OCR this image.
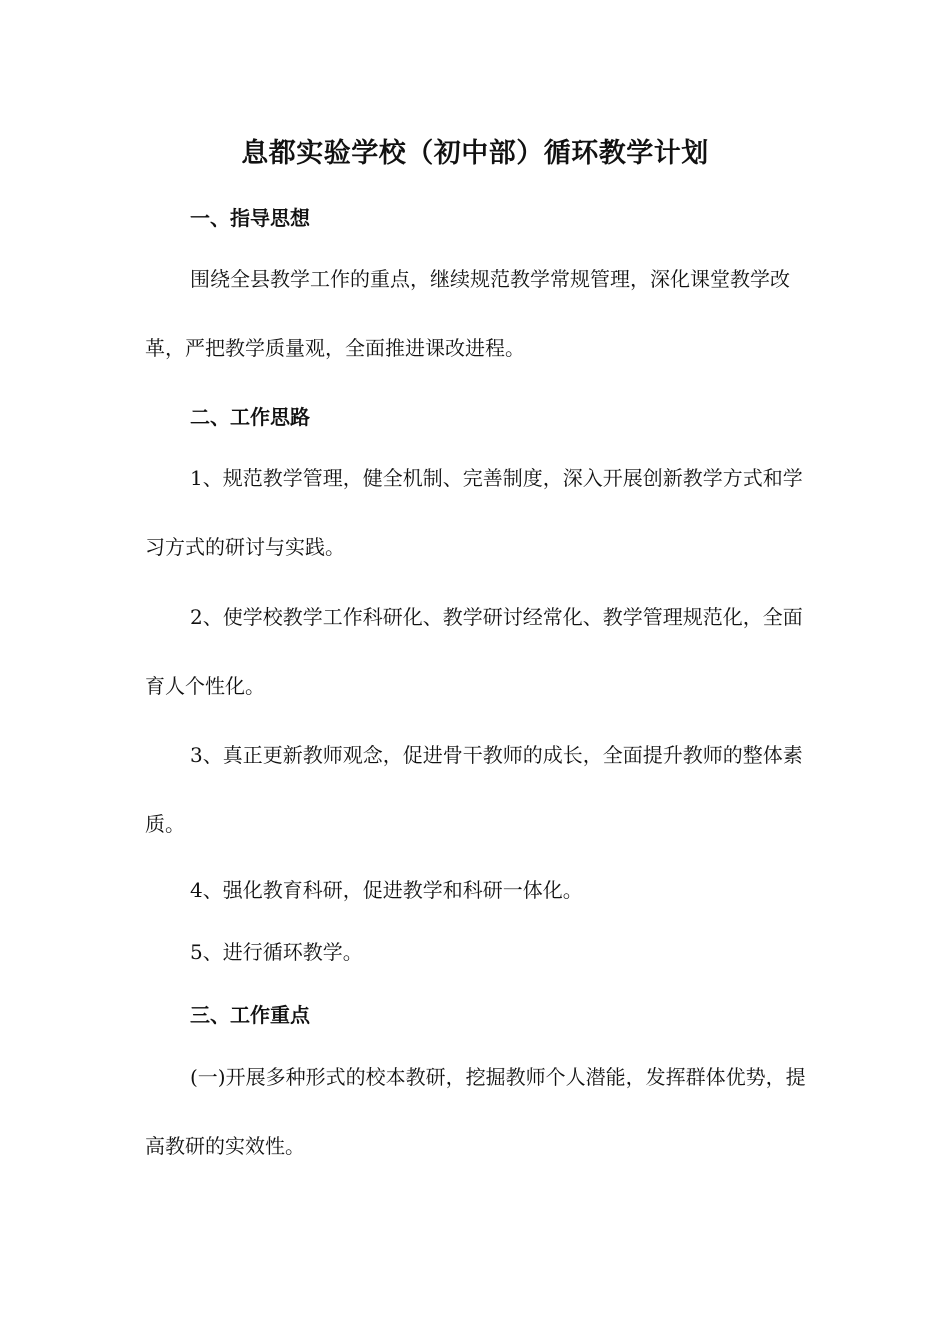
息都实验学校（初中部）循环教学计划
一、指导思想

围绕全县教学工作的重点，继续规范教学常规管理，深化课堂教学改革，严把教学质量观，全面推进课改进程。

二、工作思路

1、规范教学管理，健全机制、完善制度，深入开展创新教学方式和学习方式的研讨与实践。

2、使学校教学工作科研化、教学研讨经常化、教学管理规范化，全面育人个性化。

3、真正更新教师观念，促进骨干教师的成长，全面提升教师的整体素质。

4、强化教育科研，促进教学和科研一体化。
5、进行循环教学。
三、工作重点

(一)开展多种形式的校本教研，挖掘教师个人潜能，发挥群体优势，提高教研的实效性。
